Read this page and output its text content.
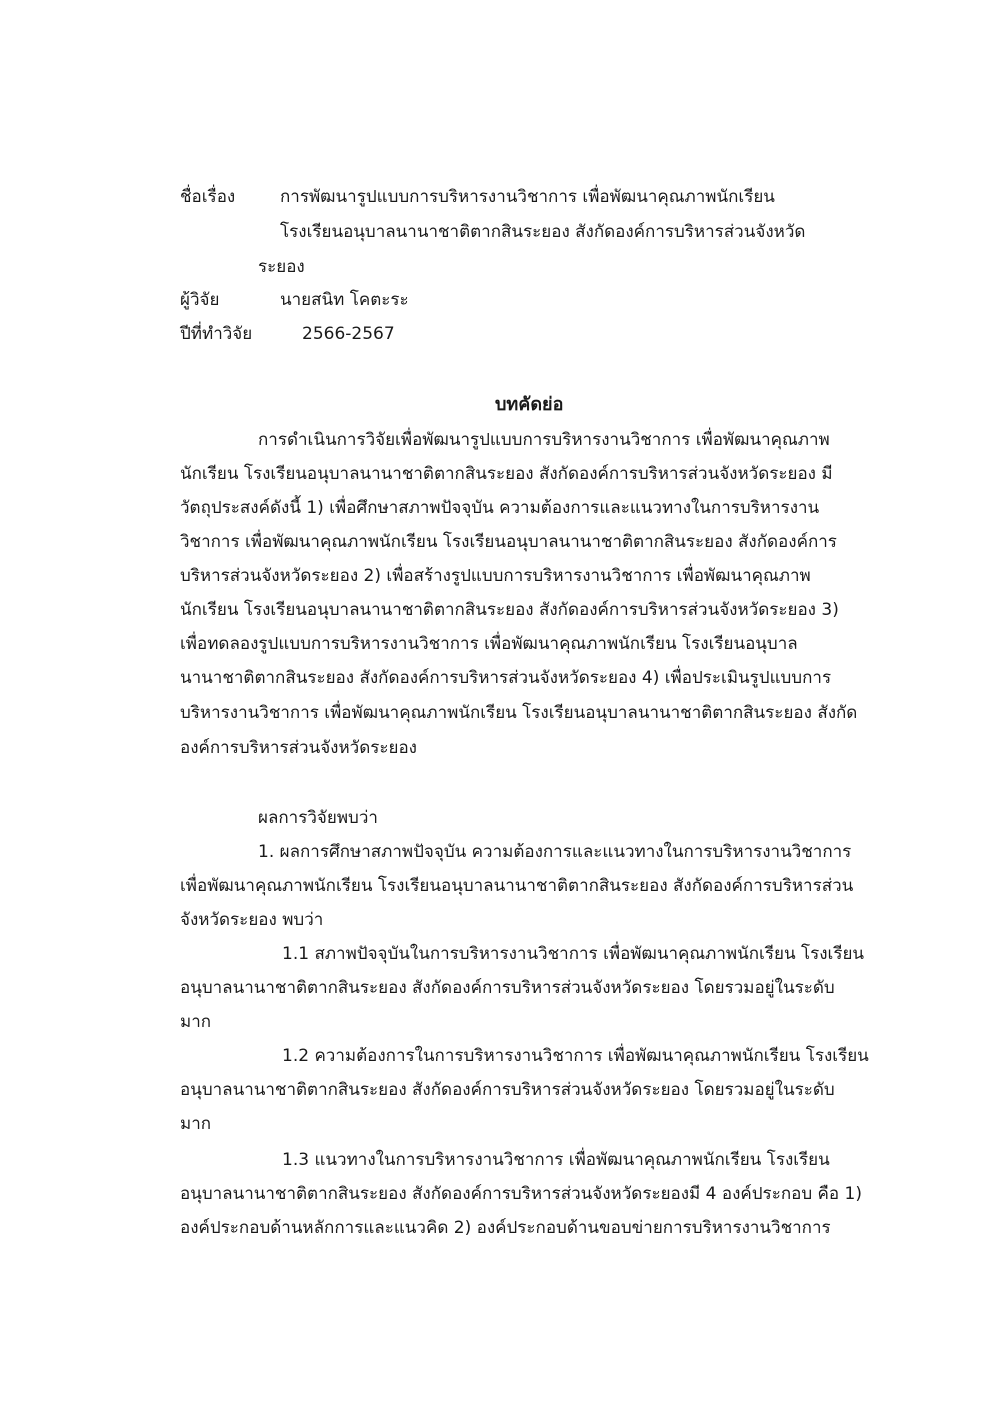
ชื่อเรื่อง	การพัฒนารูปแบบการบริหารงานวิชาการ เพื่อพัฒนาคุณภาพนักเรียน
โรงเรียนอนุบาลนานาชาติตากสินระยอง สังกัดองค์การบริหารส่วนจังหวัด
ระยอง
ผู้วิจัย	นายสนิท โคตะระ
ปีที่ทำวิจัย	2566-2567
บทคัดย่อ
การดำเนินการวิจัยเพื่อพัฒนารูปแบบการบริหารงานวิชาการ เพื่อพัฒนาคุณภาพ
นักเรียน โรงเรียนอนุบาลนานาชาติตากสินระยอง สังกัดองค์การบริหารส่วนจังหวัดระยอง มี
วัตถุประสงค์ดังนี้ 1) เพื่อศึกษาสภาพปัจจุบัน ความต้องการและแนวทางในการบริหารงาน
วิชาการ เพื่อพัฒนาคุณภาพนักเรียน โรงเรียนอนุบาลนานาชาติตากสินระยอง สังกัดองค์การ
บริหารส่วนจังหวัดระยอง 2) เพื่อสร้างรูปแบบการบริหารงานวิชาการ เพื่อพัฒนาคุณภาพ
นักเรียน โรงเรียนอนุบาลนานาชาติตากสินระยอง สังกัดองค์การบริหารส่วนจังหวัดระยอง 3)
เพื่อทดลองรูปแบบการบริหารงานวิชาการ เพื่อพัฒนาคุณภาพนักเรียน โรงเรียนอนุบาล
นานาชาติตากสินระยอง สังกัดองค์การบริหารส่วนจังหวัดระยอง 4) เพื่อประเมินรูปแบบการ
บริหารงานวิชาการ เพื่อพัฒนาคุณภาพนักเรียน โรงเรียนอนุบาลนานาชาติตากสินระยอง สังกัด
องค์การบริหารส่วนจังหวัดระยอง
ผลการวิจัยพบว่า
1. ผลการศึกษาสภาพปัจจุบัน ความต้องการและแนวทางในการบริหารงานวิชาการ
เพื่อพัฒนาคุณภาพนักเรียน โรงเรียนอนุบาลนานาชาติตากสินระยอง สังกัดองค์การบริหารส่วน
จังหวัดระยอง พบว่า
1.1 สภาพปัจจุบันในการบริหารงานวิชาการ เพื่อพัฒนาคุณภาพนักเรียน โรงเรียน
อนุบาลนานาชาติตากสินระยอง สังกัดองค์การบริหารส่วนจังหวัดระยอง โดยรวมอยู่ในระดับ
มาก
1.2 ความต้องการในการบริหารงานวิชาการ เพื่อพัฒนาคุณภาพนักเรียน โรงเรียน
อนุบาลนานาชาติตากสินระยอง สังกัดองค์การบริหารส่วนจังหวัดระยอง โดยรวมอยู่ในระดับ
มาก
1.3 แนวทางในการบริหารงานวิชาการ เพื่อพัฒนาคุณภาพนักเรียน โรงเรียน
อนุบาลนานาชาติตากสินระยอง สังกัดองค์การบริหารส่วนจังหวัดระยองมี 4 องค์ประกอบ คือ 1)
องค์ประกอบด้านหลักการและแนวคิด 2) องค์ประกอบด้านขอบข่ายการบริหารงานวิชาการ
